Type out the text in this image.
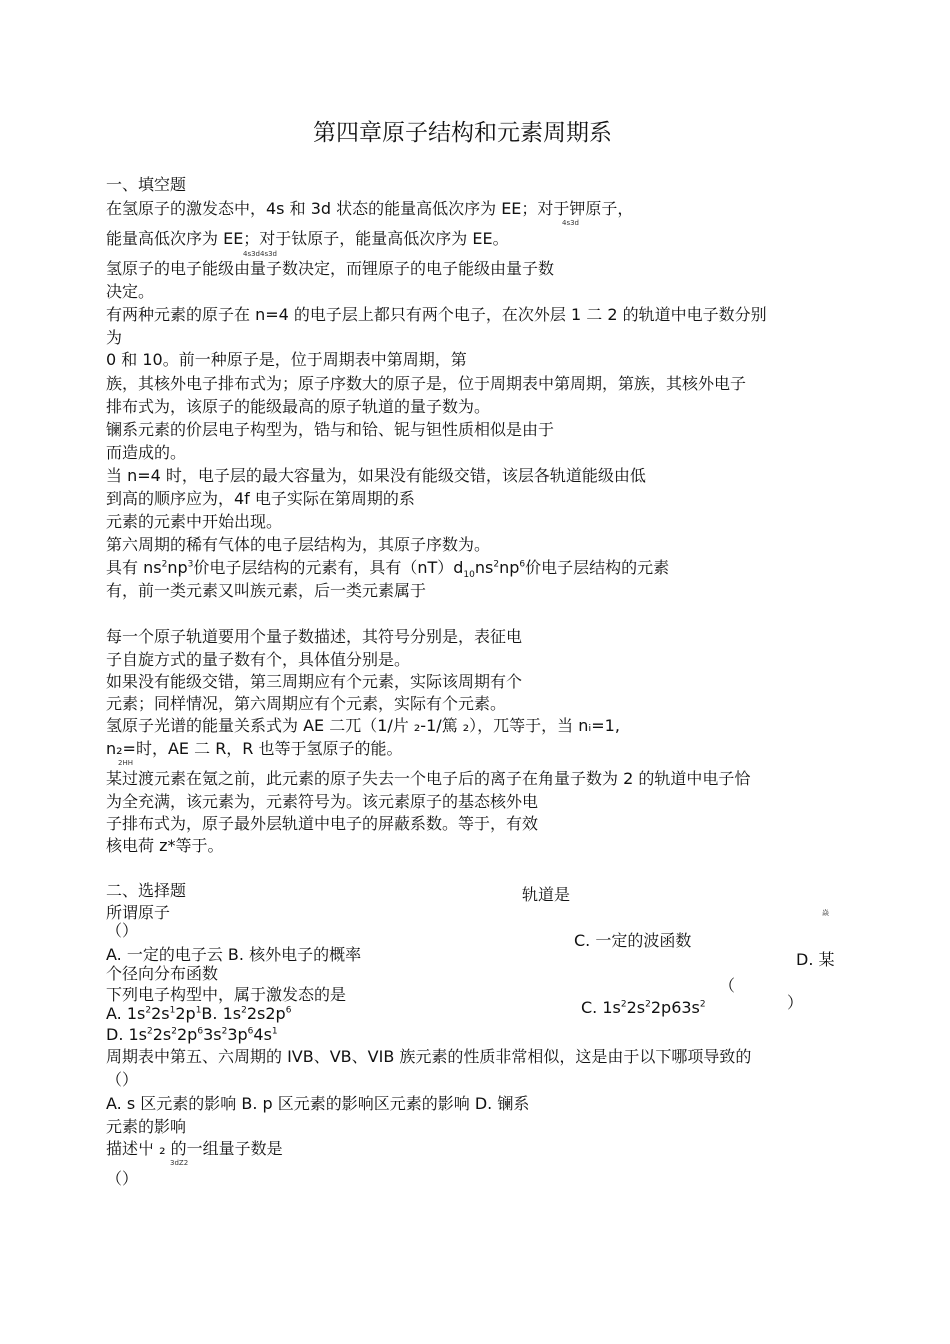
第四章原子结构和元素周期系
一、填空题
在氢原子的激发态中，4s 和 3d 状态的能量高低次序为 EE；对于钾原子，
4s3d
能量高低次序为 EE；对于钛原子，能量高低次序为 EE。
4s3d4s3d
氢原子的电子能级由量子数决定，而锂原子的电子能级由量子数
决定。
有两种元素的原子在 n=4 的电子层上都只有两个电子，在次外层 1 二 2 的轨道中电子数分别
为
0 和 10。前一种原子是，位于周期表中第周期，第
族，其核外电子排布式为；原子序数大的原子是，位于周期表中第周期，第族，其核外电子
排布式为，该原子的能级最高的原子轨道的量子数为。
镧系元素的价层电子构型为，锆与和铪、铌与钽性质相似是由于
而造成的。
当 n=4 时，电子层的最大容量为，如果没有能级交错，该层各轨道能级由低
到高的顺序应为，4f 电子实际在第周期的系
元素的元素中开始出现。
第六周期的稀有气体的电子层结构为，其原子序数为。
具有 $ns^2np^3$价电子层结构的元素有，具有$(nT)d_{10}ns^2np^6$价电子层结构的元素
有，前一类元素又叫族元素，后一类元素属于
每一个原子轨道要用个量子数描述，其符号分别是，表征电
子自旋方式的量子数有个，具体值分别是。
如果没有能级交错，第三周期应有个元素，实际该周期有个
元素；同样情况，第六周期应有个元素，实际有个元素。
氢原子光谱的能量关系式为 AE 二兀（1/片 ₂-1/篤 ₂），兀等于，当 nᵢ=1,
n₂=时，AE 二 R，R 也等于氢原子的能。
2HH
某过渡元素在氪之前，此元素的原子失去一个电子后的离子在角量子数为 2 的轨道中电子恰
为全充满，该元素为，元素符号为。该元素原子的基态核外电
子排布式为，原子最外层轨道中电子的屏蔽系数。等于，有效
核电荷 z*等于。
二、选择题	轨道是
所谓原子	焱
（）
C. 一定的波函数
A. 一定的电子云 B. 核外电子的概率	D. 某
个径向分布函数
（
下列电子构型中，属于激发态的是	）
C. $1s^22s^22p63s^2$
A. $1s^22s^12p^1B$. $1s^22s2p^6$
D. $1s^22s^22p^63s^23p^64s^1$
周期表中第五、六周期的 IVB、VB、VIB 族元素的性质非常相似，这是由于以下哪项导致的
（）
A. s 区元素的影响 B. p 区元素的影响区元素的影响 D. 镧系
元素的影响
描述屮 ₂ 的一组量子数是
3dZ2
（）
